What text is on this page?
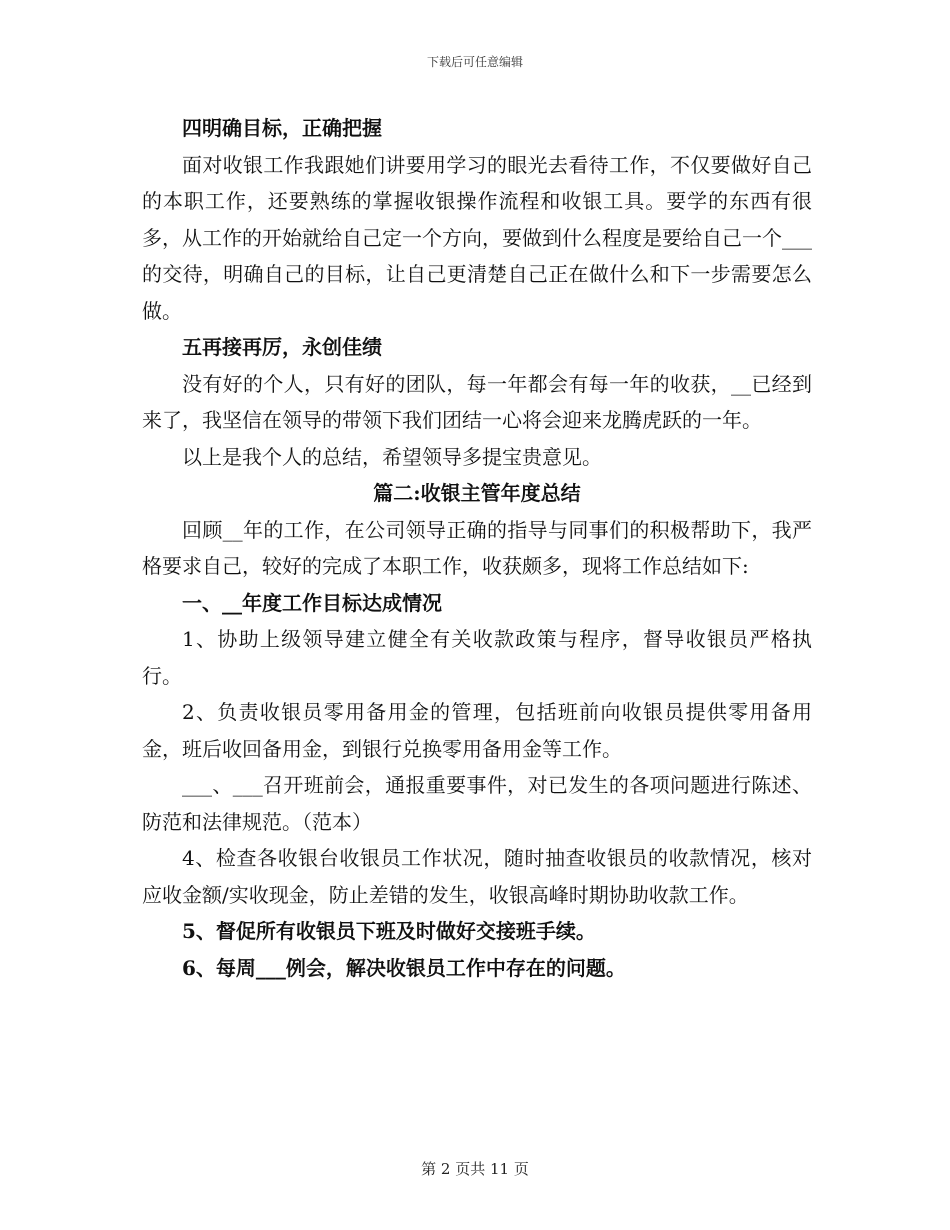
下载后可任意编辑

四明确目标，正确把握

面对收银工作我跟她们讲要用学习的眼光去看待工作，不仅要做好自己的本职工作，还要熟练的掌握收银操作流程和收银工具。要学的东西有很多，从工作的开始就给自己定一个方向，要做到什么程度是要给自己一个___的交待，明确自己的目标，让自己更清楚自己正在做什么和下一步需要怎么做。

五再接再厉，永创佳绩

没有好的个人，只有好的团队，每一年都会有每一年的收获，__已经到来了，我坚信在领导的带领下我们团结一心将会迎来龙腾虎跃的一年。

以上是我个人的总结，希望领导多提宝贵意见。

篇二:收银主管年度总结

回顾__年的工作，在公司领导正确的指导与同事们的积极帮助下，我严格要求自己，较好的完成了本职工作，收获颇多，现将工作总结如下:

一、__年度工作目标达成情况

1、协助上级领导建立健全有关收款政策与程序，督导收银员严格执行。

2、负责收银员零用备用金的管理，包括班前向收银员提供零用备用金，班后收回备用金，到银行兑换零用备用金等工作。

___、___召开班前会，通报重要事件，对已发生的各项问题进行陈述、防范和法律规范。（范本）

4、检查各收银台收银员工作状况，随时抽查收银员的收款情况，核对应收金额/实收现金，防止差错的发生，收银高峰时期协助收款工作。

5、督促所有收银员下班及时做好交接班手续。

6、每周___例会，解决收银员工作中存在的问题。

第 2 页共 11 页
